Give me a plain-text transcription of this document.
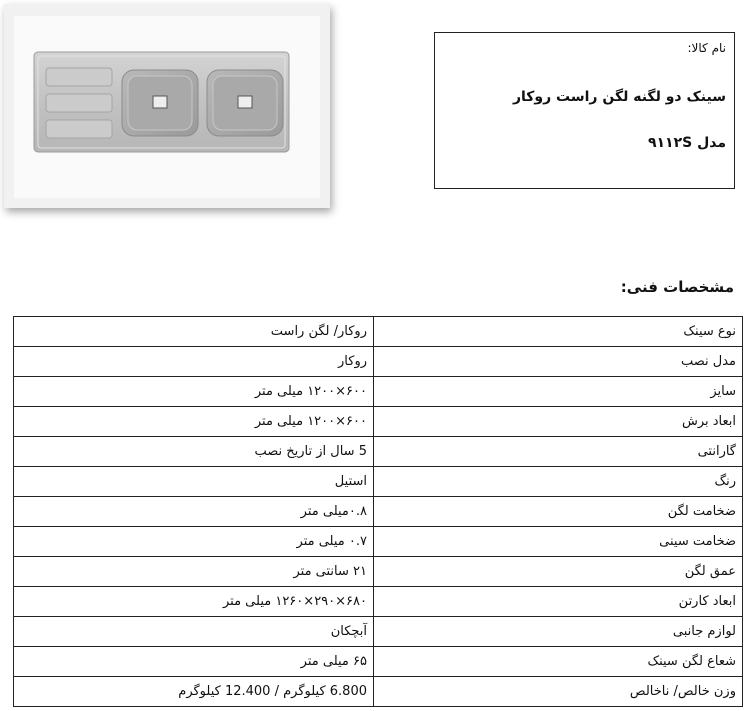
نام کالا:
سینک دو لگنه لگن راست روکار
مدل ۹۱۱۲S
مشخصات فنی:
نوع سینک	روکار/ لگن راست
مدل نصب	روکار
سایز	۶۰۰×۱۲۰۰ میلی متر
ابعاد برش	۶۰۰×۱۲۰۰ میلی متر
گارانتی	5 سال از تاریخ نصب
رنگ	استیل
ضخامت لگن	۰.۸میلی متر
ضخامت سینی	۰.۷ میلی متر
عمق لگن	۲۱ سانتی متر
ابعاد کارتن	۶۸۰×۲۹۰×۱۲۶۰ میلی متر
لوازم جانبی	آبچکان
شعاع لگن سینک	۶۵ میلی متر
وزن خالص/ ناخالص	6.800 کیلوگرم / 12.400 کیلوگرم
